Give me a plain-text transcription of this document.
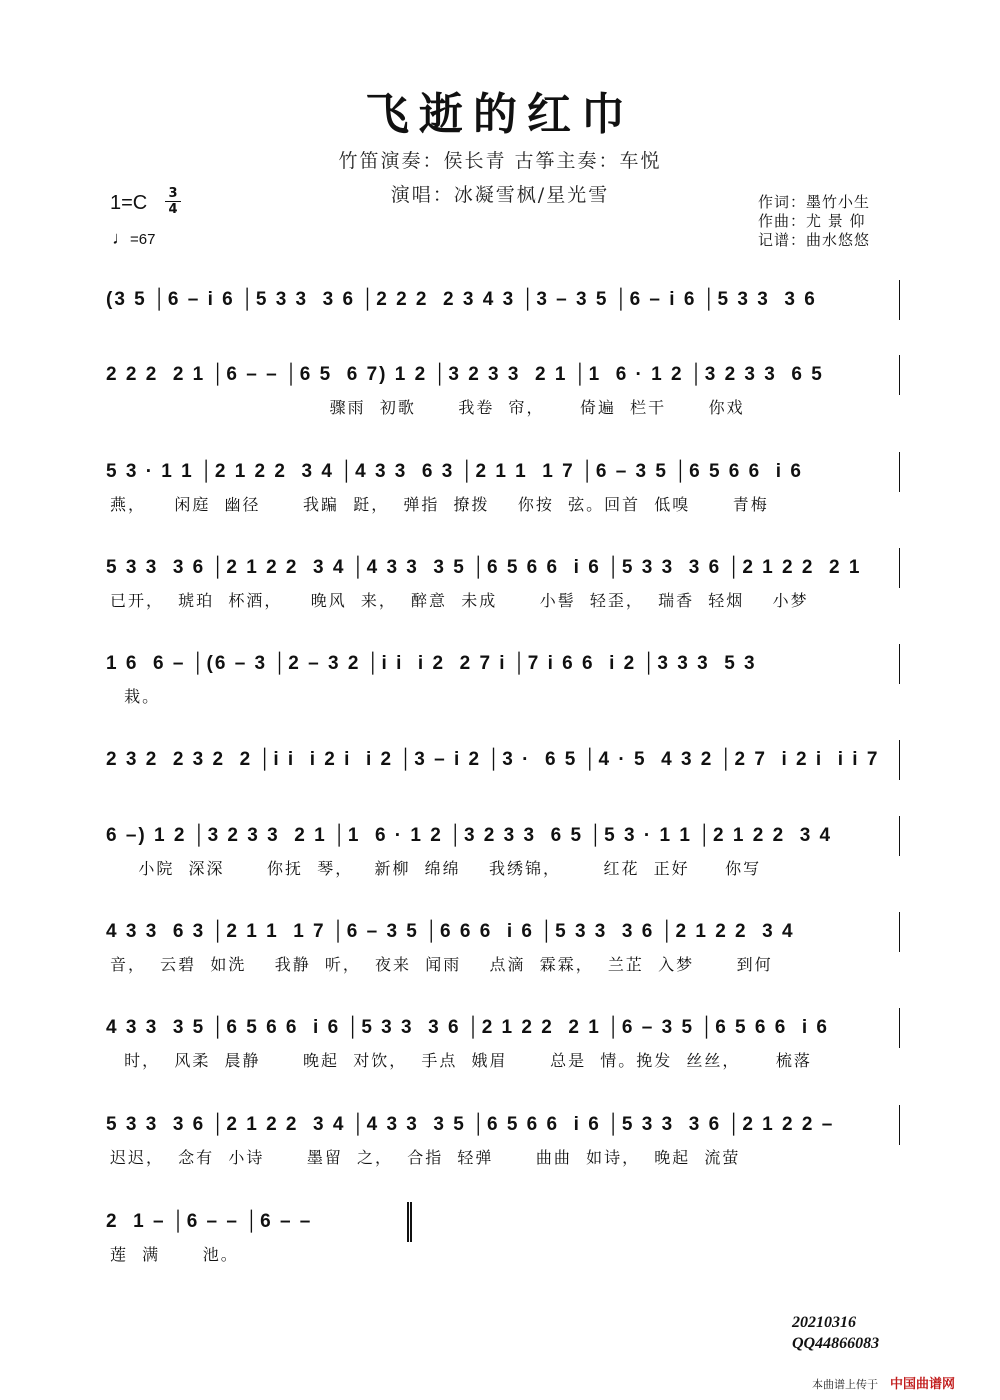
飞逝的红巾
竹笛演奏：侯长青 古筝主奏：车悦
演唱：冰凝雪枫/星光雪
1=C 3
4
♩=67
作词：墨竹小生
作曲：尤 景 仰
记谱：曲水悠悠
(3 5 │6 – i 6 │5 3 3  3 6 │2 2 2  2 3 4 3 │3 – 3 5 │6 – i 6 │5 3 3  3 6
2 2 2  2 1 │6 – – │6 5  6 7) 1 2 │3 2 3 3  2 1 │1  6 · 1 2 │3 2 3 3  6 5
骤雨  初歌      我卷  帘，     倚遍  栏干      你戏
5 3 · 1 1 │2 1 2 2  3 4 │4 3 3  6 3 │2 1 1  1 7 │6 – 3 5 │6 5 6 6  i 6
燕，    闲庭  幽径      我蹁  跹，  弹指  撩拨    你按  弦。回首  低嗅      青梅
5 3 3  3 6 │2 1 2 2  3 4 │4 3 3  3 5 │6 5 6 6  i 6 │5 3 3  3 6 │2 1 2 2  2 1
已开，  琥珀  杯酒，    晚风  来，  醉意  未成      小髻  轻歪，  瑞香  轻烟    小梦
1 6  6 – │(6 – 3 │2 – 3 2 │i i  i 2  2 7 i │7 i 6 6  i 2 │3 3 3  5 3
栽。
2 3 2  2 3 2  2 │i i  i 2 i  i 2 │3 – i 2 │3 ·  6 5 │4 · 5  4 3 2 │2 7  i 2 i  i i 7
6 –) 1 2 │3 2 3 3  2 1 │1  6 · 1 2 │3 2 3 3  6 5 │5 3 · 1 1 │2 1 2 2  3 4
小院  深深      你抚  琴，   新柳  绵绵    我绣锦，      红花  正好     你写
4 3 3  6 3 │2 1 1  1 7 │6 – 3 5 │6 6 6  i 6 │5 3 3  3 6 │2 1 2 2  3 4
音，  云碧  如洗    我静  听，  夜来  闻雨    点滴  霖霖，  兰芷  入梦      到何
4 3 3  3 5 │6 5 6 6  i 6 │5 3 3  3 6 │2 1 2 2  2 1 │6 – 3 5 │6 5 6 6  i 6
时，  风柔  晨静      晚起  对饮，  手点  娥眉      总是  情。挽发  丝丝，     梳落
5 3 3  3 6 │2 1 2 2  3 4 │4 3 3  3 5 │6 5 6 6  i 6 │5 3 3  3 6 │2 1 2 2 –
迟迟，  念有  小诗      墨留  之，  合指  轻弹      曲曲  如诗，  晚起  流萤
2  1 – │6 – – │6 – –
莲  满      池。
20210316
QQ44866083
本曲谱上传于 中国曲谱网
